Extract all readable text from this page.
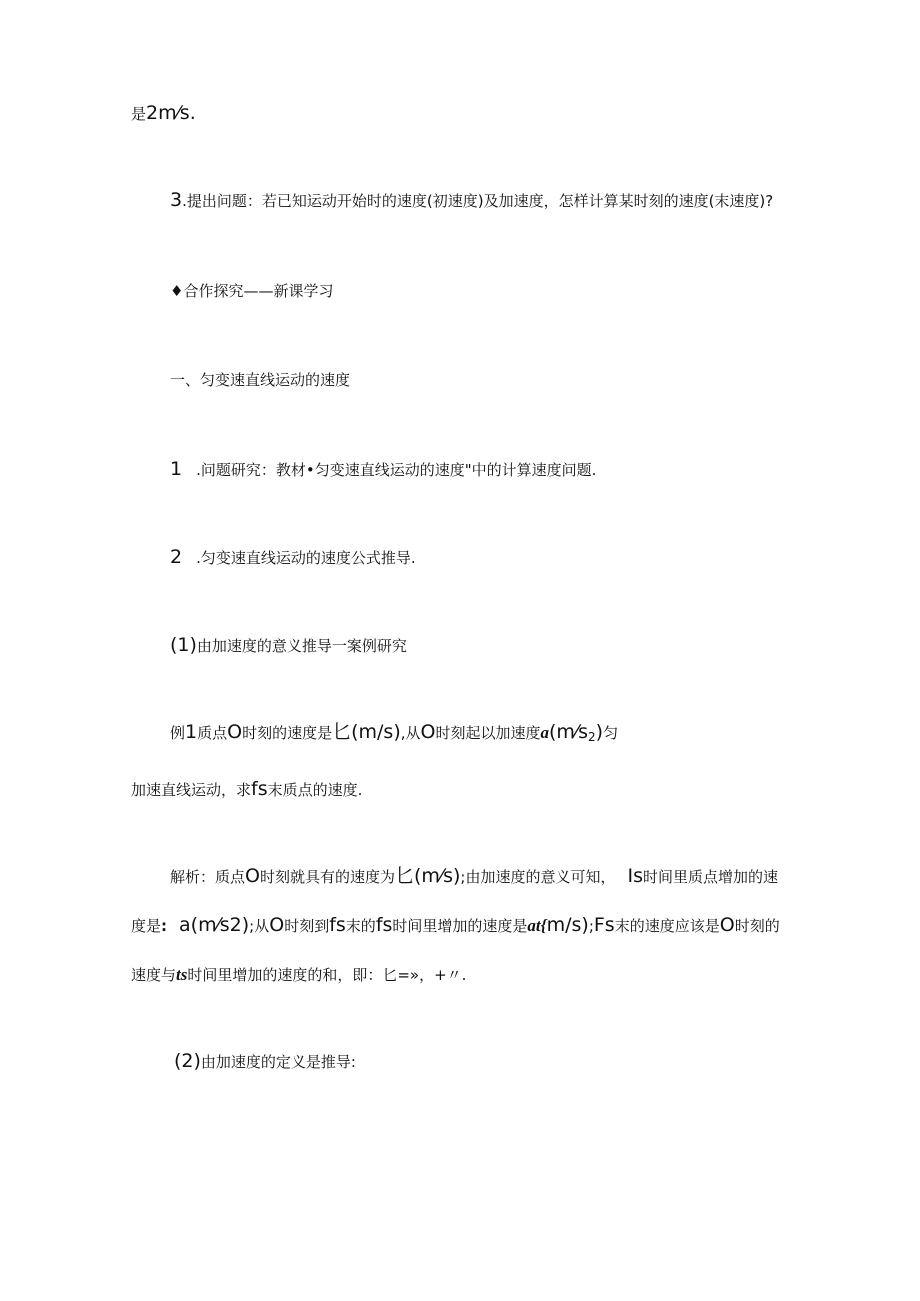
是2m⁄s.
3.提出问题：若已知运动开始时的速度(初速度)及加速度，怎样计算某时刻的速度(末速度)?
♦合作探究——新课学习
一、匀变速直线运动的速度
1 .问题研究：教材•匀变速直线运动的速度"中的计算速度问题.
2 .匀变速直线运动的速度公式推导.
(1)由加速度的意义推导一案例研究
例1质点O时刻的速度是匕(m/s),从O时刻起以加速度$a(m⁄s_2)$匀
加速直线运动，求fs末质点的速度.
解析：质点O时刻就具有的速度为匕(m⁄s);由加速度的意义可知， Is时间里质点增加的速
度是: a(m⁄s2);从O时刻到fs末的fs时间里增加的速度是at{m/s);Fs末的速度应该是O时刻的
速度与ts时间里增加的速度的和，即：匕=»，+〃.
(2)由加速度的定义是推导:
